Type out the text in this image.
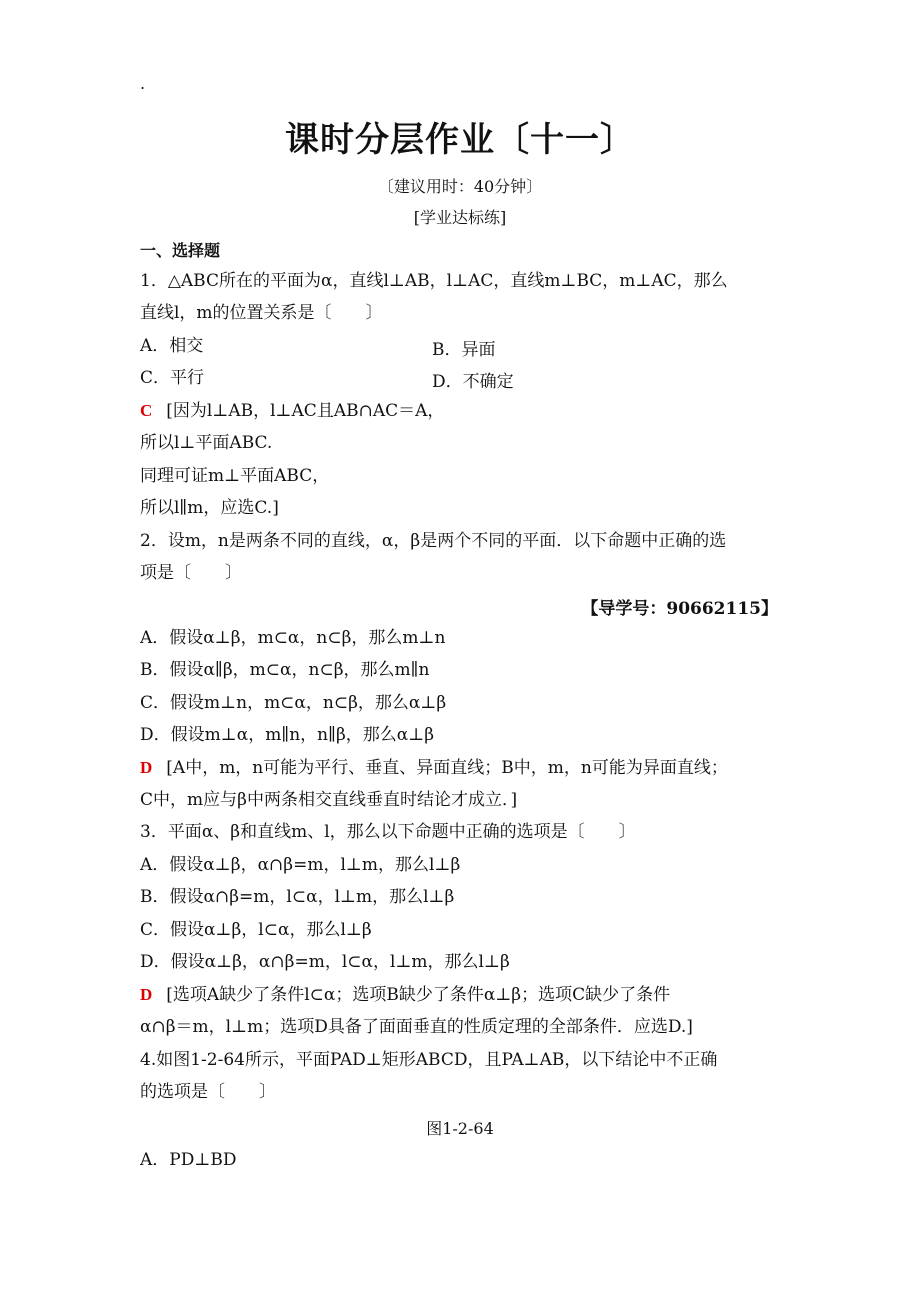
.
课时分层作业〔十一〕
〔建议用时：40分钟〕
[学业达标练]
一、选择题
1．△ABC所在的平面为α，直线l⊥AB，l⊥AC，直线m⊥BC，m⊥AC，那么
直线l，m的位置关系是〔　　〕
A．相交	B．异面
C．平行	D．不确定
C [因为l⊥AB，l⊥AC且AB∩AC＝A，
所以l⊥平面ABC.
同理可证m⊥平面ABC，
所以l∥m，应选C.]
2．设m，n是两条不同的直线，α，β是两个不同的平面．以下命题中正确的选
项是〔　　〕
【导学号：90662115】
A．假设α⊥β，m⊂α，n⊂β，那么m⊥n
B．假设α∥β，m⊂α，n⊂β，那么m∥n
C．假设m⊥n，m⊂α，n⊂β，那么α⊥β
D．假设m⊥α，m∥n，n∥β，那么α⊥β
D [A中，m，n可能为平行、垂直、异面直线；B中，m，n可能为异面直线；
C中，m应与β中两条相交直线垂直时结论才成立．]
3．平面α、β和直线m、l，那么以下命题中正确的选项是〔　　〕
A．假设α⊥β，α∩β=m，l⊥m，那么l⊥β
B．假设α∩β=m，l⊂α，l⊥m，那么l⊥β
C．假设α⊥β，l⊂α，那么l⊥β
D．假设α⊥β，α∩β=m，l⊂α，l⊥m，那么l⊥β
D [选项A缺少了条件l⊂α；选项B缺少了条件α⊥β；选项C缺少了条件
α∩β＝m，l⊥m；选项D具备了面面垂直的性质定理的全部条件．应选D.]
4.如图1-2-64所示，平面PAD⊥矩形ABCD，且PA⊥AB，以下结论中不正确
的选项是〔　　〕
图1-2-64
A．PD⊥BD
